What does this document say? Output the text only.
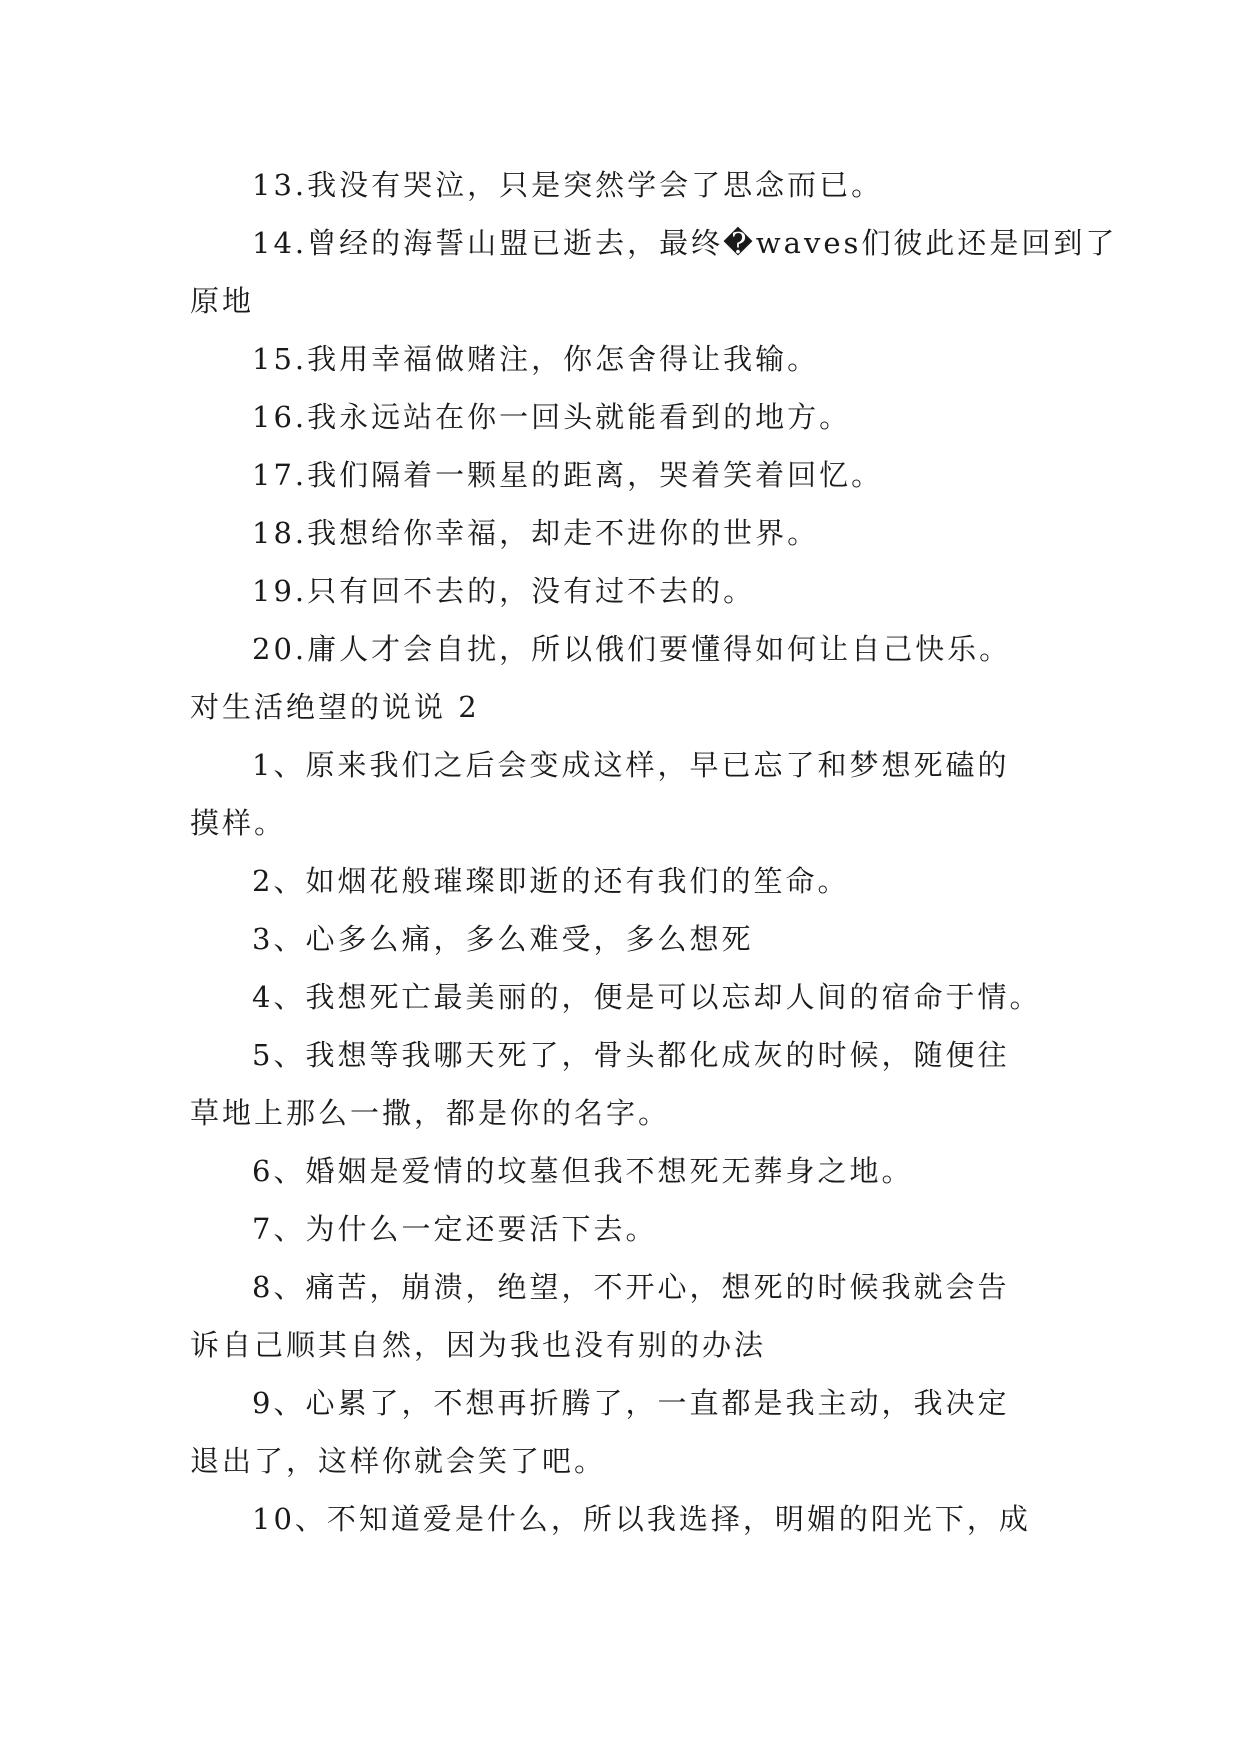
13.我没有哭泣，只是突然学会了思念而已。

14.曾经的海誓山盟已逝去，最终�waves们彼此还是回到了

原地

15.我用幸福做赌注，你怎舍得让我输。

16.我永远站在你一回头就能看到的地方。

17.我们隔着一颗星的距离，哭着笑着回忆。

18.我想给你幸福，却走不进你的世界。

19.只有回不去的，没有过不去的。

20.庸人才会自扰，所以俄们要懂得如何让自己快乐。

对生活绝望的说说 2

1、原来我们之后会变成这样，早已忘了和梦想死磕的

摸样。

2、如烟花般璀璨即逝的还有我们的笙命。

3、心多么痛，多么难受，多么想死

4、我想死亡最美丽的，便是可以忘却人间的宿命于情。

5、我想等我哪天死了，骨头都化成灰的时候，随便往

草地上那么一撒，都是你的名字。

6、婚姻是爱情的坟墓但我不想死无葬身之地。

7、为什么一定还要活下去。

8、痛苦，崩溃，绝望，不开心，想死的时候我就会告

诉自己顺其自然，因为我也没有别的办法

9、心累了，不想再折腾了，一直都是我主动，我决定

退出了，这样你就会笑了吧。

10、不知道爱是什么，所以我选择，明媚的阳光下，成
